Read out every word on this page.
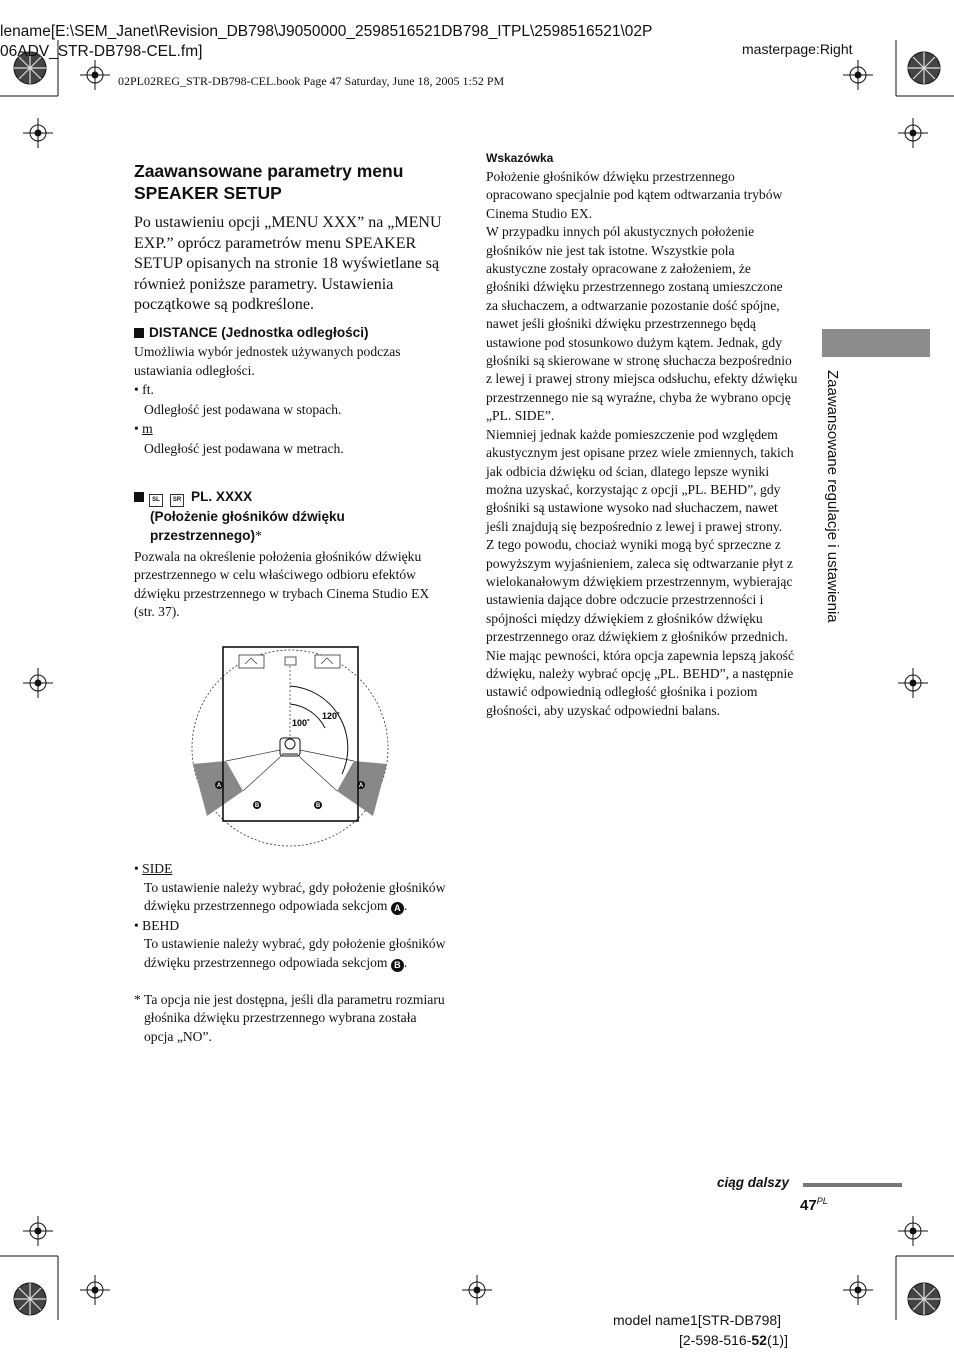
lename[E:\SEM_Janet\Revision_DB798\J9050000_2598516521DB798_ITPL\2598516521\02P
06ADV_STR-DB798-CEL.fm]	masterpage:Right
02PL02REG_STR-DB798-CEL.book Page 47 Saturday, June 18, 2005 1:52 PM
Zaawansowane parametry menu SPEAKER SETUP

Po ustawieniu opcji „MENU XXX” na „MENU EXP.” oprócz parametrów menu SPEAKER SETUP opisanych na stronie 18 wyświetlane są również poniższe parametry. Ustawienia początkowe są podkreślone.

DISTANCE (Jednostka odległości)

Umożliwia wybór jednostek używanych podczas ustawiania odległości.

• ft.
Odległość jest podawana w stopach.
• m
Odległość jest podawana w metrach.
SL SR PL. XXXX
(Położenie głośników dźwięku przestrzennego)*

Pozwala na określenie położenia głośników dźwięku przestrzennego w celu właściwego odbioru efektów dźwięku przestrzennego w trybach Cinema Studio EX (str. 37).

100˚
120˚
A	A
B	B
• SIDE
To ustawienie należy wybrać, gdy położenie głośników dźwięku przestrzennego odpowiada sekcjom A .
• BEHD
To ustawienie należy wybrać, gdy położenie głośników dźwięku przestrzennego odpowiada sekcjom B .
* Ta opcja nie jest dostępna, jeśli dla parametru rozmiaru głośnika dźwięku przestrzennego wybrana została opcja „NO”.
Wskazówka

Położenie głośników dźwięku przestrzennego opracowano specjalnie pod kątem odtwarzania trybów Cinema Studio EX.

W przypadku innych pól akustycznych położenie głośników nie jest tak istotne. Wszystkie pola akustyczne zostały opracowane z założeniem, że głośniki dźwięku przestrzennego zostaną umieszczone za słuchaczem, a odtwarzanie pozostanie dość spójne, nawet jeśli głośniki dźwięku przestrzennego będą ustawione pod stosunkowo dużym kątem. Jednak, gdy głośniki są skierowane w stronę słuchacza bezpośrednio z lewej i prawej strony miejsca odsłuchu, efekty dźwięku przestrzennego nie są wyraźne, chyba że wybrano opcję „PL. SIDE”.

Niemniej jednak każde pomieszczenie pod względem akustycznym jest opisane przez wiele zmiennych, takich jak odbicia dźwięku od ścian, dlatego lepsze wyniki można uzyskać, korzystając z opcji „PL. BEHD”, gdy głośniki są ustawione wysoko nad słuchaczem, nawet jeśli znajdują się bezpośrednio z lewej i prawej strony.

Z tego powodu, chociaż wyniki mogą być sprzeczne z powyższym wyjaśnieniem, zaleca się odtwarzanie płyt z wielokanałowym dźwiękiem przestrzennym, wybierając ustawienia dające dobre odczucie przestrzenności i spójności między dźwiękiem z głośników dźwięku przestrzennego oraz dźwiękiem z głośników przednich. Nie mając pewności, która opcja zapewnia lepszą jakość dźwięku, należy wybrać opcję „PL. BEHD”, a następnie ustawić odpowiednią odległość głośnika i poziom głośności, aby uzyskać odpowiedni balans.

Zaawansowane regulacje i ustawienia
ciąg dalszy
$47^{PL}$
model name1[STR-DB798]
[2-598-516-52(1)]
